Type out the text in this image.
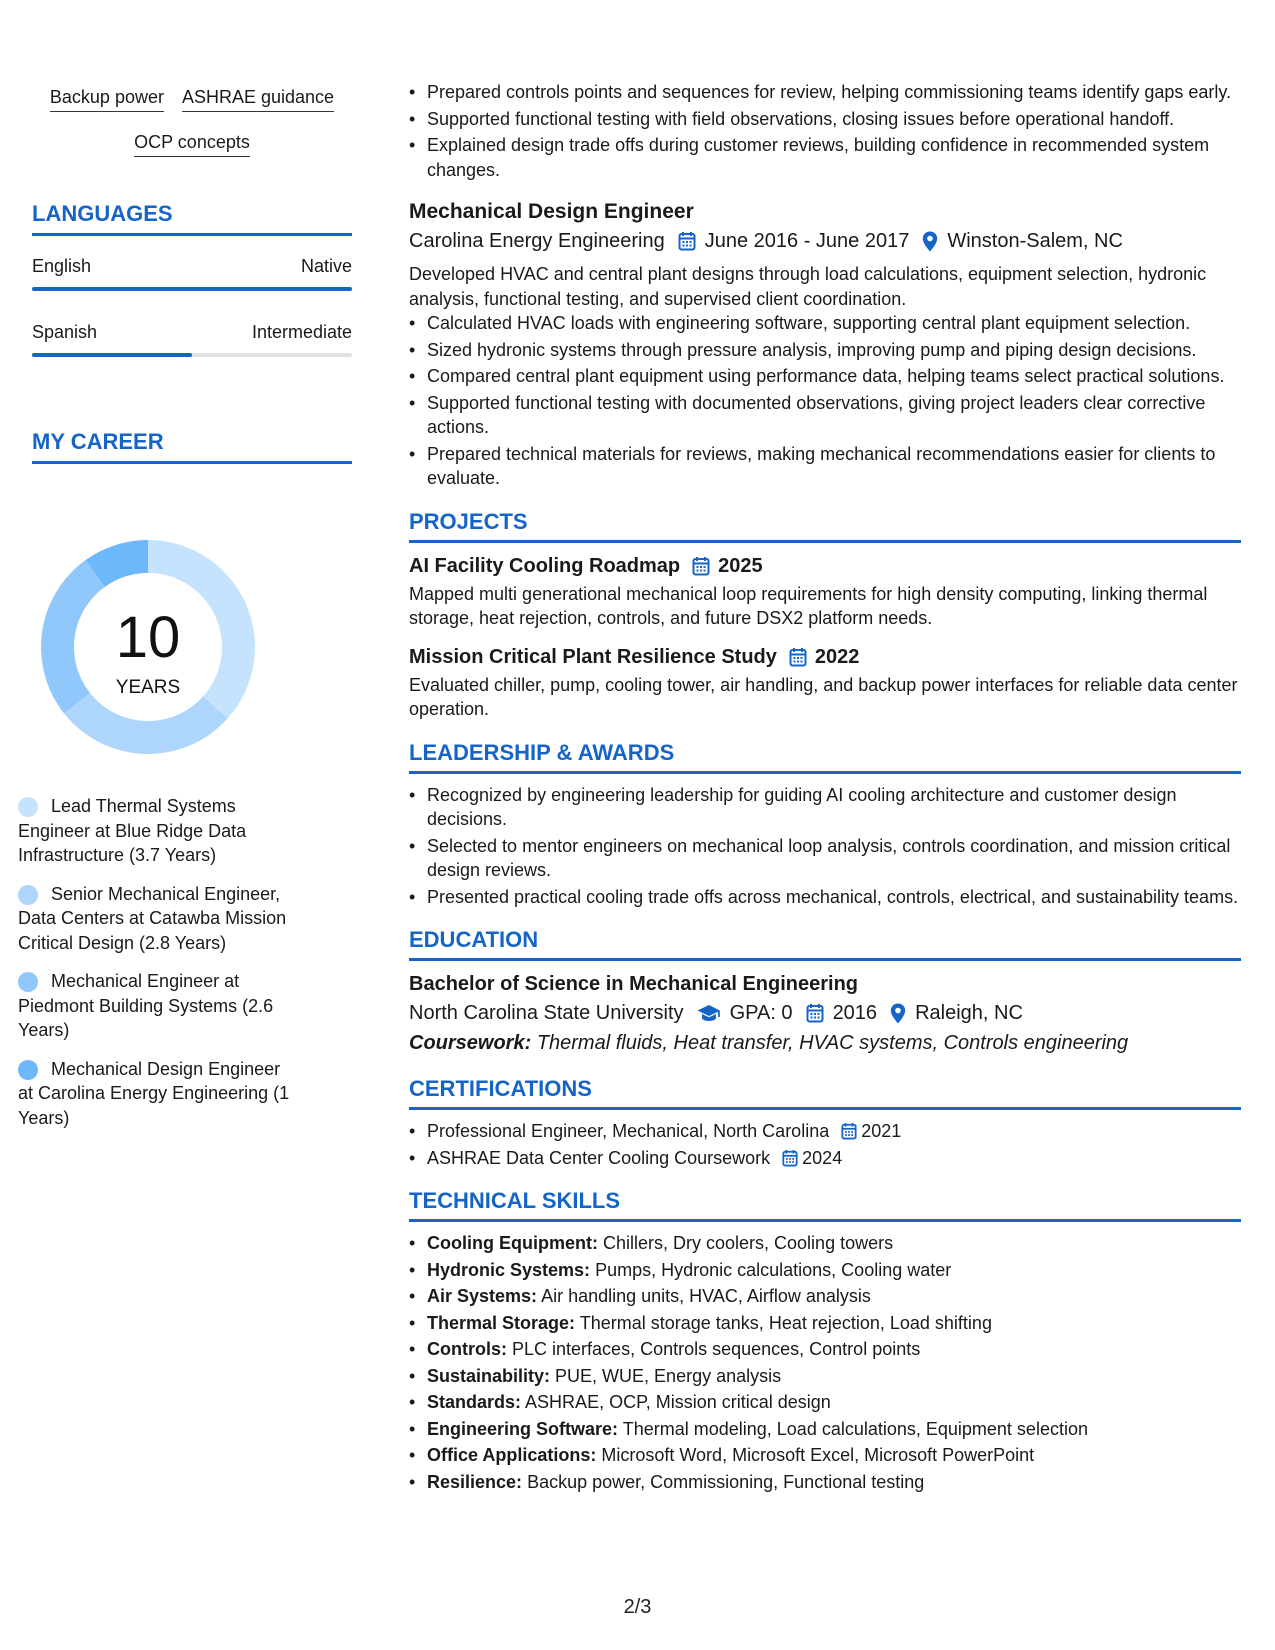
Backup power ASHRAE guidance
OCP concepts
LANGUAGES
English	Native
Spanish	Intermediate
MY CAREER
10
YEARS
Lead Thermal Systems Engineer at Blue Ridge Data Infrastructure (3.7 Years)
Senior Mechanical Engineer, Data Centers at Catawba Mission Critical Design (2.8 Years)
Mechanical Engineer at Piedmont Building Systems (2.6 Years)
Mechanical Design Engineer at Carolina Energy Engineering (1 Years)
• Prepared controls points and sequences for review, helping commissioning teams identify gaps early.
• Supported functional testing with field observations, closing issues before operational handoff.
• Explained design trade offs during customer reviews, building confidence in recommended system changes.
Mechanical Design Engineer
Carolina Energy Engineering June 2016 - June 2017 Winston-Salem, NC
Developed HVAC and central plant designs through load calculations, equipment selection, hydronic analysis, functional testing, and supervised client coordination.
• Calculated HVAC loads with engineering software, supporting central plant equipment selection.
• Sized hydronic systems through pressure analysis, improving pump and piping design decisions.
• Compared central plant equipment using performance data, helping teams select practical solutions.
• Supported functional testing with documented observations, giving project leaders clear corrective actions.
• Prepared technical materials for reviews, making mechanical recommendations easier for clients to evaluate.
PROJECTS
AI Facility Cooling Roadmap 2025
Mapped multi generational mechanical loop requirements for high density computing, linking thermal storage, heat rejection, controls, and future DSX2 platform needs.
Mission Critical Plant Resilience Study 2022
Evaluated chiller, pump, cooling tower, air handling, and backup power interfaces for reliable data center operation.
LEADERSHIP & AWARDS
• Recognized by engineering leadership for guiding AI cooling architecture and customer design decisions.
• Selected to mentor engineers on mechanical loop analysis, controls coordination, and mission critical design reviews.
• Presented practical cooling trade offs across mechanical, controls, electrical, and sustainability teams.
EDUCATION
Bachelor of Science in Mechanical Engineering
North Carolina State University GPA: 0 2016 Raleigh, NC
Coursework: Thermal fluids, Heat transfer, HVAC systems, Controls engineering
CERTIFICATIONS
• Professional Engineer, Mechanical, North Carolina 2021
• ASHRAE Data Center Cooling Coursework 2024
TECHNICAL SKILLS
• Cooling Equipment: Chillers, Dry coolers, Cooling towers
• Hydronic Systems: Pumps, Hydronic calculations, Cooling water
• Air Systems: Air handling units, HVAC, Airflow analysis
• Thermal Storage: Thermal storage tanks, Heat rejection, Load shifting
• Controls: PLC interfaces, Controls sequences, Control points
• Sustainability: PUE, WUE, Energy analysis
• Standards: ASHRAE, OCP, Mission critical design
• Engineering Software: Thermal modeling, Load calculations, Equipment selection
• Office Applications: Microsoft Word, Microsoft Excel, Microsoft PowerPoint
• Resilience: Backup power, Commissioning, Functional testing
2/3
